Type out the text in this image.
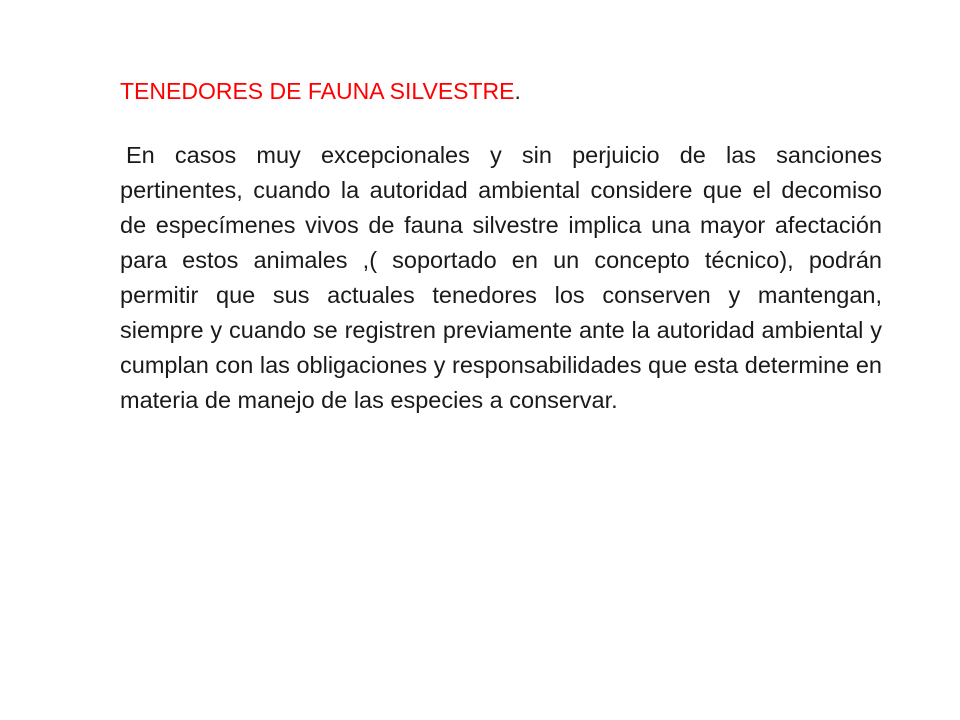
TENEDORES DE FAUNA SILVESTRE.

En casos muy excepcionales y sin perjuicio de las sanciones pertinentes, cuando la autoridad ambiental considere que el decomiso de especímenes vivos de fauna silvestre implica una mayor afectación para estos animales ,( soportado en un concepto técnico), podrán permitir que sus actuales tenedores los conserven y mantengan, siempre y cuando se registren previamente ante la autoridad ambiental y cumplan con las obligaciones y responsabilidades que esta determine en materia de manejo de las especies a conservar.
